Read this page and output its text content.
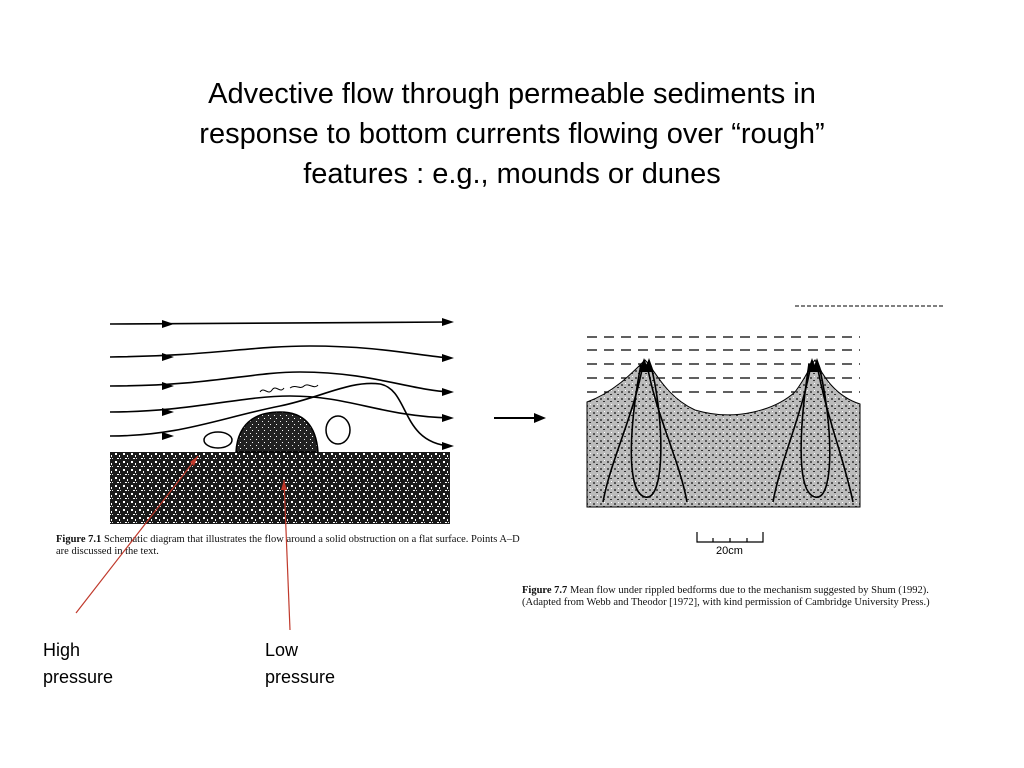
Advective flow through permeable sediments in
response to bottom currents flowing over “rough”
features : e.g., mounds or dunes
20cm
Figure 7.1 Schematic diagram that illustrates the flow around a solid obstruction on a flat surface. Points A–D are discussed in the text.
Figure 7.7 Mean flow under rippled bedforms due to the mechanism suggested by Shum (1992). (Adapted from Webb and Theodor [1972], with kind permission of Cambridge University Press.)
High
pressure
Low
pressure
